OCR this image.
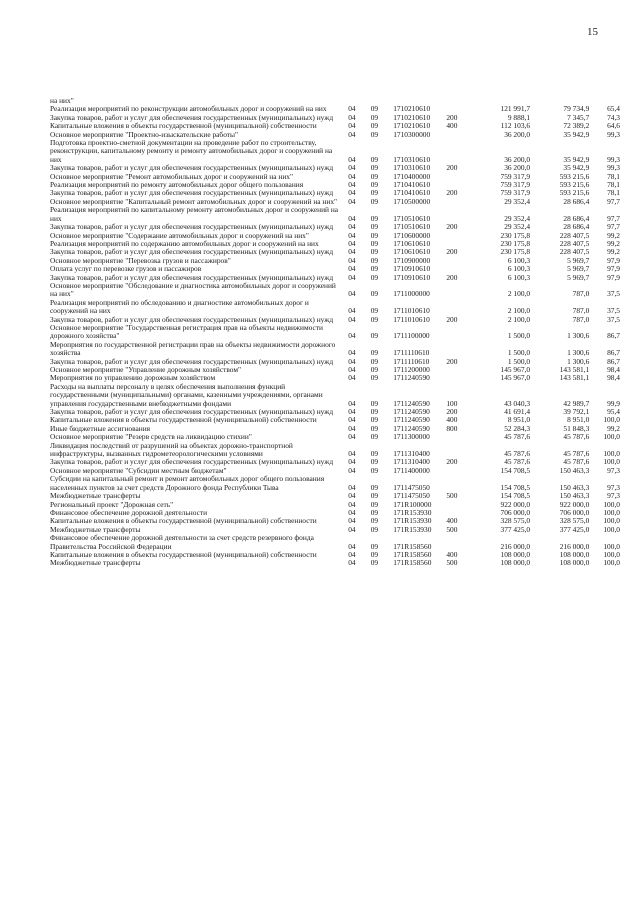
15
на них"							
Реализация мероприятий по реконструкции автомобильных дорог и сооружений на них	04	09	1710210610		121 991,7	79 734,9	65,4
Закупка товаров, работ и услуг для обеспечения государственных (муниципальных) нужд	04	09	1710210610	200	9 888,1	7 345,7	74,3
Капитальные вложения в объекты государственной (муниципальной) собственности	04	09	1710210610	400	112 103,6	72 389,2	64,6
Основное мероприятие "Проектно-изыскательские работы"	04	09	1710300000		36 200,0	35 942,9	99,3
Подготовка проектно-сметной документации на проведение работ по строительству, реконструкции, капитальному ремонту и ремонту автомобильных дорог и сооружений на них	04	09	1710310610		36 200,0	35 942,9	99,3
Закупка товаров, работ и услуг для обеспечения государственных (муниципальных) нужд	04	09	1710310610	200	36 200,0	35 942,9	99,3
Основное мероприятие "Ремонт автомобильных дорог и сооружений на них"	04	09	1710400000		759 317,9	593 215,6	78,1
Реализация мероприятий по ремонту автомобильных дорог общего пользования	04	09	1710410610		759 317,9	593 215,6	78,1
Закупка товаров, работ и услуг для обеспечения государственных (муниципальных) нужд	04	09	1710410610	200	759 317,9	593 215,6	78,1
Основное мероприятие "Капитальный ремонт автомобильных дорог и сооружений на них"	04	09	1710500000		29 352,4	28 686,4	97,7
Реализация мероприятий по капитальному ремонту автомобильных дорог и сооружений на них	04	09	1710510610		29 352,4	28 686,4	97,7
Закупка товаров, работ и услуг для обеспечения государственных (муниципальных) нужд	04	09	1710510610	200	29 352,4	28 686,4	97,7
Основное мероприятие "Содержание автомобильных дорог и сооружений на них"	04	09	1710600000		230 175,8	228 407,5	99,2
Реализация мероприятий по содержанию автомобильных дорог и сооружений на них	04	09	1710610610		230 175,8	228 407,5	99,2
Закупка товаров, работ и услуг для обеспечения государственных (муниципальных) нужд	04	09	1710610610	200	230 175,8	228 407,5	99,2
Основное мероприятие "Перевозка грузов и пассажиров"	04	09	1710900000		6 100,3	5 969,7	97,9
Оплата услуг по перевозке грузов и пассажиров	04	09	1710910610		6 100,3	5 969,7	97,9
Закупка товаров, работ и услуг для обеспечения государственных (муниципальных) нужд	04	09	1710910610	200	6 100,3	5 969,7	97,9
Основное мероприятие "Обследование и диагностика автомобильных дорог и сооружений на них"	04	09	1711000000		2 100,0	787,0	37,5
Реализация мероприятий по обследованию и диагностике автомобильных дорог и сооружений на них	04	09	1711010610		2 100,0	787,0	37,5
Закупка товаров, работ и услуг для обеспечения государственных (муниципальных) нужд	04	09	1711010610	200	2 100,0	787,0	37,5
Основное мероприятие "Государственная регистрация прав на объекты недвижимости дорожного хозяйства"	04	09	1711100000		1 500,0	1 300,6	86,7
Мероприятия по государственной регистрации прав на объекты недвижимости дорожного хозяйства	04	09	1711110610		1 500,0	1 300,6	86,7
Закупка товаров, работ и услуг для обеспечения государственных (муниципальных) нужд	04	09	1711110610	200	1 500,0	1 300,6	86,7
Основное мероприятие "Управление дорожным хозяйством"	04	09	1711200000		145 967,0	143 581,1	98,4
Мероприятия по управлению дорожным хозяйством	04	09	1711240590		145 967,0	143 581,1	98,4
Расходы на выплаты персоналу в целях обеспечения выполнения функций государственными (муниципальными) органами, казенными учреждениями, органами управления государственными внебюджетными фондами	04	09	1711240590	100	43 040,3	42 989,7	99,9
Закупка товаров, работ и услуг для обеспечения государственных (муниципальных) нужд	04	09	1711240590	200	41 691,4	39 792,1	95,4
Капитальные вложения в объекты государственной (муниципальной) собственности	04	09	1711240590	400	8 951,0	8 951,0	100,0
Иные бюджетные ассигнования	04	09	1711240590	800	52 284,3	51 848,3	99,2
Основное мероприятие "Резерв средств на ликвидацию стихии"	04	09	1711300000		45 787,6	45 787,6	100,0
Ликвидация последствий от разрушений на объектах дорожно-транспортной инфраструктуры, вызванных гидрометеорологическими условиями	04	09	1711310400		45 787,6	45 787,6	100,0
Закупка товаров, работ и услуг для обеспечения государственных (муниципальных) нужд	04	09	1711310400	200	45 787,6	45 787,6	100,0
Основное мероприятие "Субсидии местным бюджетам"	04	09	1711400000		154 708,5	150 463,3	97,3
Субсидии на капитальный ремонт и ремонт автомобильных дорог общего пользования населенных пунктов за счет средств Дорожного фонда Республики Тыва	04	09	1711475050		154 708,5	150 463,3	97,3
Межбюджетные трансферты	04	09	1711475050	500	154 708,5	150 463,3	97,3
Региональный проект "Дорожная сеть"	04	09	171R100000		922 000,0	922 000,0	100,0
Финансовое обеспечение дорожной деятельности	04	09	171R153930		706 000,0	706 000,0	100,0
Капитальные вложения в объекты государственной (муниципальной) собственности	04	09	171R153930	400	328 575,0	328 575,0	100,0
Межбюджетные трансферты	04	09	171R153930	500	377 425,0	377 425,0	100,0
Финансовое обеспечение дорожной деятельности за счет средств резервного фонда Правительства Российской Федерации	04	09	171R158560		216 000,0	216 000,0	100,0
Капитальные вложения в объекты государственной (муниципальной) собственности	04	09	171R158560	400	108 000,0	108 000,0	100,0
Межбюджетные трансферты	04	09	171R158560	500	108 000,0	108 000,0	100,0
